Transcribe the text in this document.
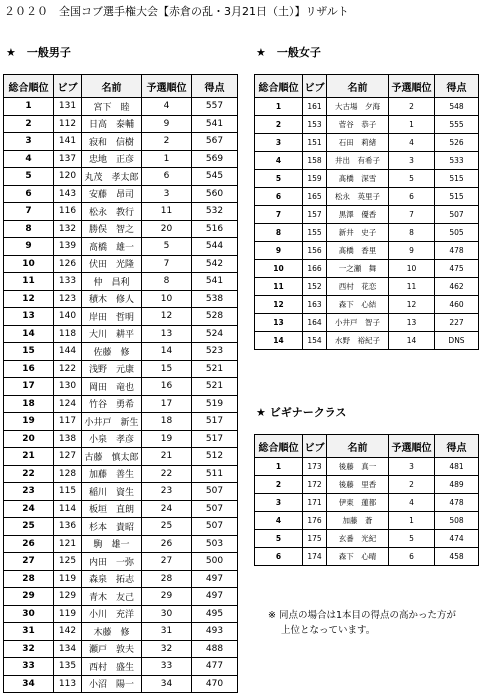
２０２０　全国コブ選手権大会【赤倉の乱・3月21日（土）】リザルト
★　一般男子	★　一般女子
★ ビギナークラス
総合順位	ビブ	名前	予選順位	得点
1	131	宮下　睦	4	557
2	112	日高　泰輔	9	541
3	141	寂和　信樹	2	567
4	137	忠地　正彦	1	569
5	120	丸茂　孝太郎	6	545
6	143	安藤　昂司	3	560
7	116	松永　教行	11	532
8	132	勝俣　智之	20	516
9	139	髙橋　雄一	5	544
10	126	伏田　光隆	7	542
11	133	仲　昌利	8	541
12	123	積木　修人	10	538
13	140	岸田　哲明	12	528
14	118	大川　耕平	13	524
15	144	佐藤　修	14	523
16	122	浅野　元康	15	521
17	130	岡田　竜也	16	521
18	124	竹谷　勇希	17	519
19	117	小井戸　新生	18	517
20	138	小泉　孝彦	19	517
21	127	古藤　慎太郎	21	512
22	128	加藤　善生	22	511
23	115	稲川　資生	23	507
24	114	板垣　直朗	24	507
25	136	杉本　貴昭	25	507
26	121	駒　雄一	26	503
27	125	内田　一弥	27	500
28	119	森泉　拓志	28	497
29	129	青木　友己	29	497
30	119	小川　充洋	30	495
31	142	木藤　修	31	493
32	134	瀬戸　敦夫	32	488
33	135	西村　盛生	33	477
34	113	小沼　陽一	34	470
総合順位	ビブ	名前	予選順位	得点
1	161	大古場　夕海	2	548
2	153	菅谷　恭子	1	555
3	151	石田　莉緒	4	526
4	158	井出　有希子	3	533
5	159	髙橋　深雪	5	515
6	165	松永　英里子	6	515
7	157	黒澤　優香	7	507
8	155	新井　史子	8	505
9	156	髙橋　香里	9	478
10	166	一之瀬　舞	10	475
11	152	西村　花恋	11	462
12	163	森下　心結	12	460
13	164	小井戸　智子	13	227
14	154	水野　裕紀子	14	DNS
総合順位	ビブ	名前	予選順位	得点
1	173	後藤　真一	3	481
2	172	後藤　里香	2	489
3	171	伊東　蓮都	4	478
4	176	加藤　蒼	1	508
5	175	玄番　光紀	5	474
6	174	森下　心晴	6	458
※ 同点の場合は1本目の得点の高かった方が
上位となっています。
